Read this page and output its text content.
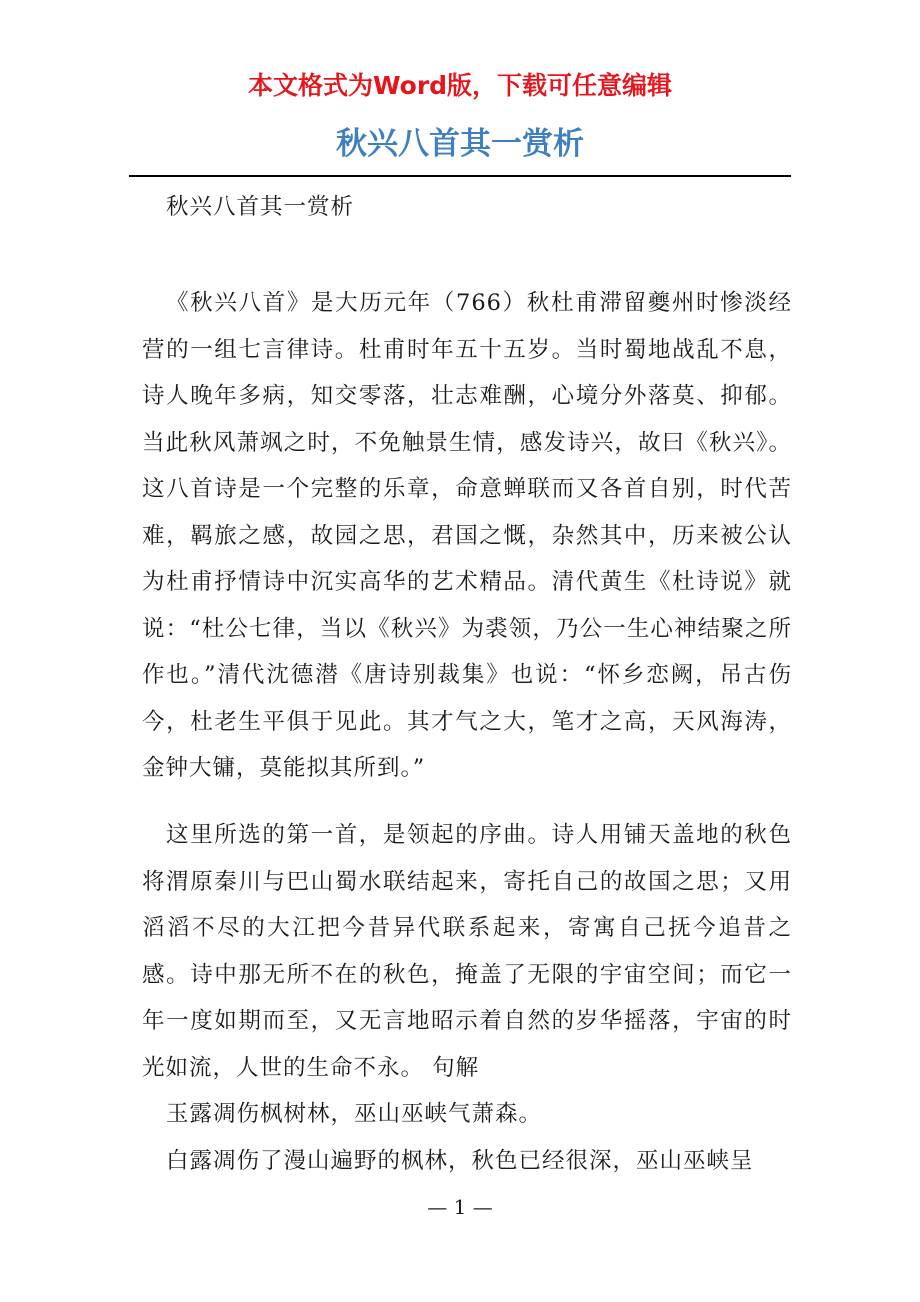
本文格式为Word版，下载可任意编辑
秋兴八首其一赏析
秋兴八首其一赏析

《秋兴八首》是大历元年（766）秋杜甫滞留夔州时惨淡经营的一组七言律诗。杜甫时年五十五岁。当时蜀地战乱不息，诗人晚年多病，知交零落，壮志难酬，心境分外落莫、抑郁。当此秋风萧飒之时，不免触景生情，感发诗兴，故曰《秋兴》。这八首诗是一个完整的乐章，命意蝉联而又各首自别，时代苦难，羁旅之感，故园之思，君国之慨，杂然其中，历来被公认为杜甫抒情诗中沉实高华的艺术精品。清代黄生《杜诗说》就说：“杜公七律，当以《秋兴》为裘领，乃公一生心神结聚之所作也。”清代沈德潜《唐诗别裁集》也说：“怀乡恋阙，吊古伤今，杜老生平俱于见此。其才气之大，笔才之高，天风海涛，金钟大镛，莫能拟其所到。”

这里所选的第一首，是领起的序曲。诗人用铺天盖地的秋色将渭原秦川与巴山蜀水联结起来，寄托自己的故国之思；又用滔滔不尽的大江把今昔异代联系起来，寄寓自己抚今追昔之感。诗中那无所不在的秋色，掩盖了无限的宇宙空间；而它一年一度如期而至，又无言地昭示着自然的岁华摇落，宇宙的时光如流，人世的生命不永。 句解

玉露凋伤枫树林，巫山巫峡气萧森。

白露凋伤了漫山遍野的枫林，秋色已经很深，巫山巫峡呈

— 1 —
